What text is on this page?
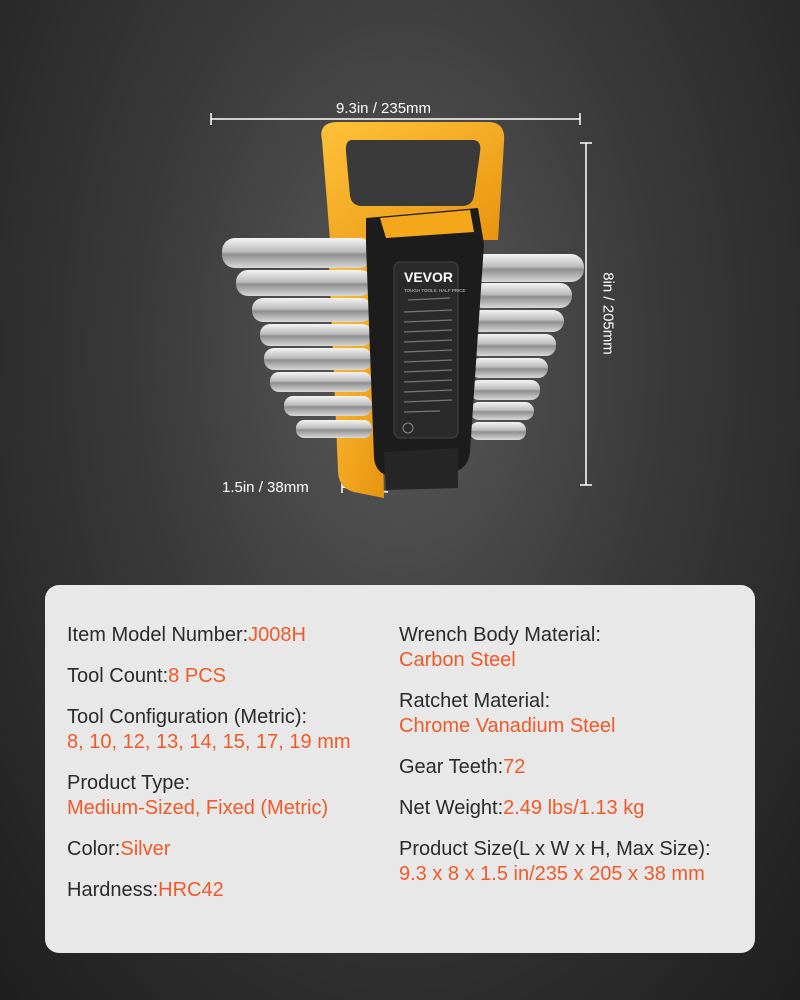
9.3in / 235mm
8in / 205mm
1.5in / 38mm
VEVOR
TOUGH TOOLS, HALF PRICE
Item Model Number:J008H
Tool Count:8 PCS
Tool Configuration (Metric):
8, 10, 12, 13, 14, 15, 17, 19 mm
Product Type:
Medium-Sized, Fixed (Metric)
Color:Silver
Hardness:HRC42
Wrench Body Material:
Carbon Steel
Ratchet Material:
Chrome Vanadium Steel
Gear Teeth:72
Net Weight:2.49 lbs/1.13 kg
Product Size(L x W x H, Max Size):
9.3 x 8 x 1.5 in/235 x 205 x 38 mm
